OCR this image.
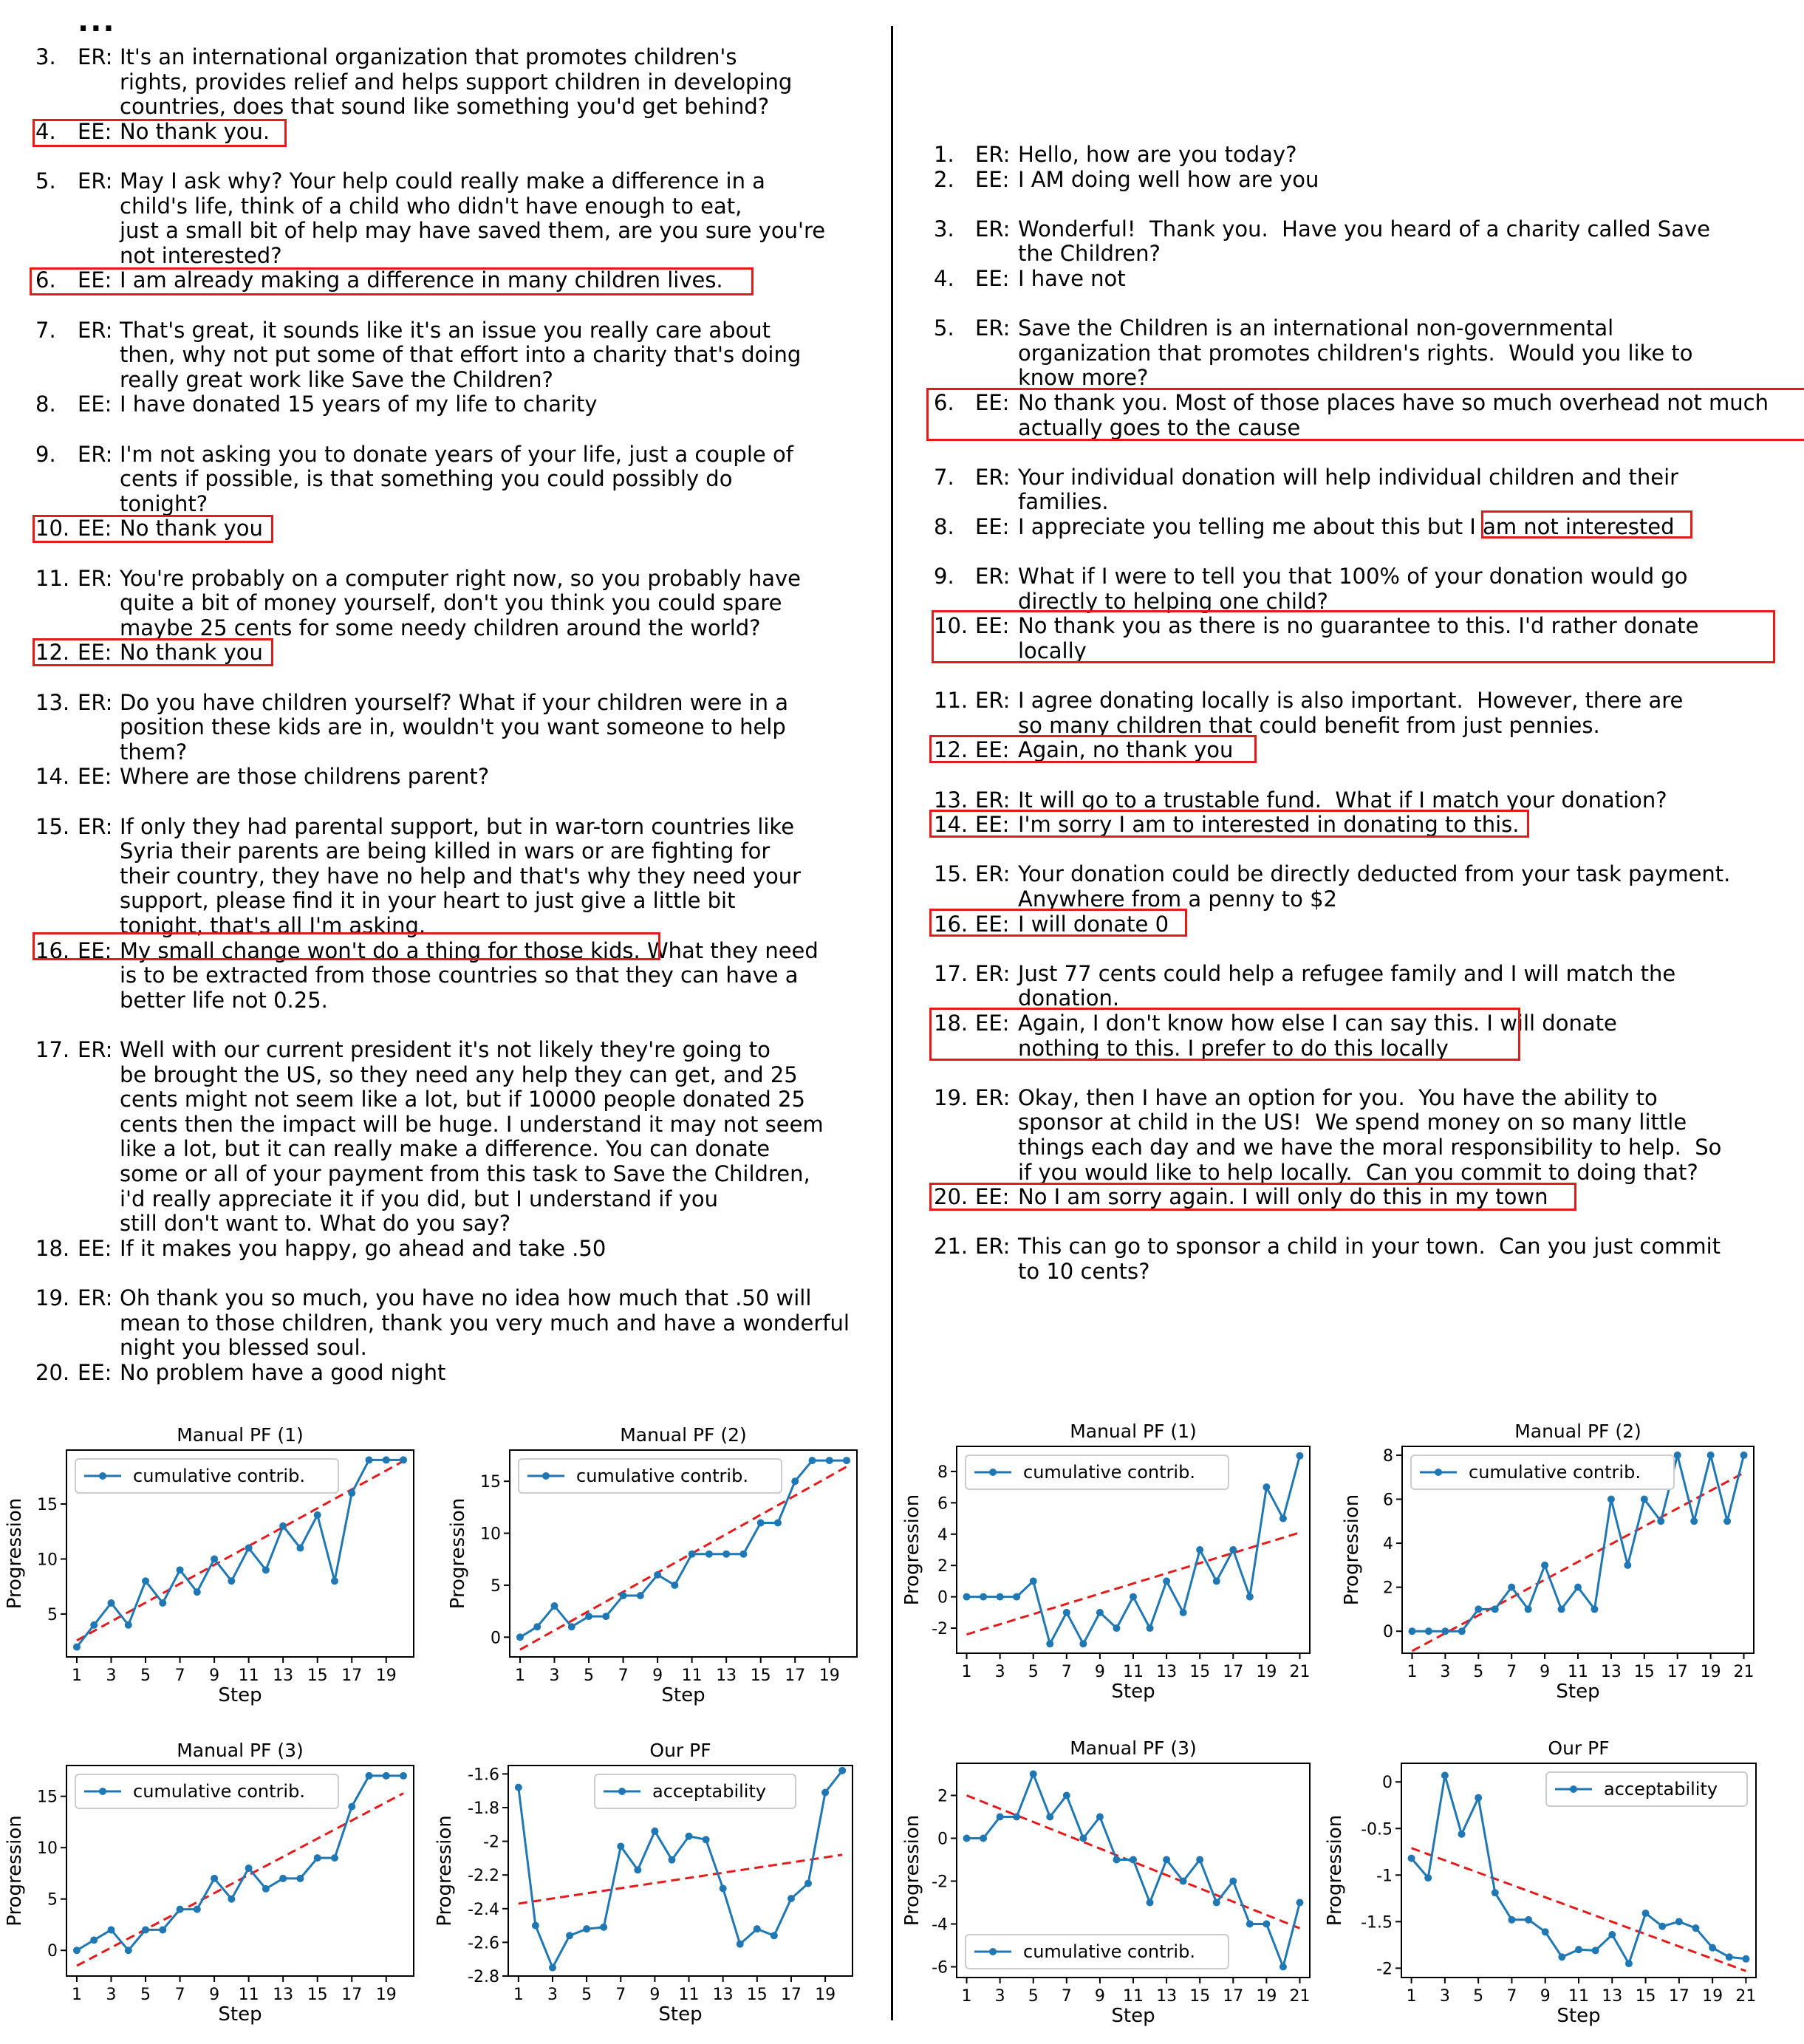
...
3. ER: It's an international organization that promotes children's
rights, provides relief and helps support children in developing
countries, does that sound like something you'd get behind?
4. EE: No thank you.
5. ER: May I ask why? Your help could really make a difference in a
child's life, think of a child who didn't have enough to eat,
just a small bit of help may have saved them, are you sure you're
not interested?
6. EE: I am already making a difference in many children lives.
7. ER: That's great, it sounds like it's an issue you really care about
then, why not put some of that effort into a charity that's doing
really great work like Save the Children?
8. EE: I have donated 15 years of my life to charity
9. ER: I'm not asking you to donate years of your life, just a couple of
cents if possible, is that something you could possibly do
tonight?
10. EE: No thank you
11. ER: You're probably on a computer right now, so you probably have
quite a bit of money yourself, don't you think you could spare
maybe 25 cents for some needy children around the world?
12. EE: No thank you
13. ER: Do you have children yourself? What if your children were in a
position these kids are in, wouldn't you want someone to help
them?
14. EE: Where are those childrens parent?
15. ER: If only they had parental support, but in war-torn countries like
Syria their parents are being killed in wars or are fighting for
their country, they have no help and that's why they need your
support, please find it in your heart to just give a little bit
tonight, that's all I'm asking.
16. EE: My small change won't do a thing for those kids. What they need
is to be extracted from those countries so that they can have a
better life not 0.25.
17. ER: Well with our current president it's not likely they're going to
be brought the US, so they need any help they can get, and 25
cents might not seem like a lot, but if 10000 people donated 25
cents then the impact will be huge. I understand it may not seem
like a lot, but it can really make a difference. You can donate
some or all of your payment from this task to Save the Children,
i'd really appreciate it if you did, but I understand if you
still don't want to. What do you say?
18. EE: If it makes you happy, go ahead and take .50
19. ER: Oh thank you so much, you have no idea how much that .50 will
mean to those children, thank you very much and have a wonderful
night you blessed soul.
20. EE: No problem have a good night
1. ER: Hello, how are you today?
2. EE: I AM doing well how are you
3. ER: Wonderful!  Thank you.  Have you heard of a charity called Save
the Children?
4. EE: I have not
5. ER: Save the Children is an international non-governmental
organization that promotes children's rights.  Would you like to
know more?
6. EE: No thank you. Most of those places have so much overhead not much
actually goes to the cause
7. ER: Your individual donation will help individual children and their
families.
8. EE: I appreciate you telling me about this but I am not interested
9. ER: What if I were to tell you that 100% of your donation would go
directly to helping one child?
10. EE: No thank you as there is no guarantee to this. I'd rather donate
locally
11. ER: I agree donating locally is also important.  However, there are
so many children that could benefit from just pennies.
12. EE: Again, no thank you
13. ER: It will go to a trustable fund.  What if I match your donation?
14. EE: I'm sorry I am to interested in donating to this.
15. ER: Your donation could be directly deducted from your task payment.
Anywhere from a penny to $2
16. EE: I will donate 0
17. ER: Just 77 cents could help a refugee family and I will match the
donation.
18. EE: Again, I don't know how else I can say this. I will donate
nothing to this. I prefer to do this locally
19. ER: Okay, then I have an option for you.  You have the ability to
sponsor at child in the US!  We spend money on so many little
things each day and we have the moral responsibility to help.  So
if you would like to help locally.  Can you commit to doing that?
20. EE: No I am sorry again. I will only do this in my town
21. ER: This can go to sponsor a child in your town.  Can you just commit
to 10 cents?
Manual PF (1)
5
10
15
1 3 5 7 9 11 13 15 17 19
Step
Progression
cumulative contrib.
Manual PF (2)
0
5
10
15
1 3 5 7 9 11 13 15 17 19
Step
Progression
cumulative contrib.
Manual PF (3)
0
5
10
15
1 3 5 7 9 11 13 15 17 19
Step
Progression
cumulative contrib.
Our PF
-2.8
-2.6
-2.4
-2.2
-2
-1.8
-1.6
1 3 5 7 9 11 13 15 17 19
Step
Progression
acceptability
Manual PF (1)
-2
0
2
4
6
8
1 3 5 7 9 11 13 15 17 19 21
Step
Progression
cumulative contrib.
Manual PF (2)
0
2
4
6
8
1 3 5 7 9 11 13 15 17 19 21
Step
Progression
cumulative contrib.
Manual PF (3)
-6
-4
-2
0
2
1 3 5 7 9 11 13 15 17 19 21
Step
Progression
cumulative contrib.
Our PF
-2
-1.5
-1
-0.5
0
1 3 5 7 9 11 13 15 17 19 21
Step
Progression
acceptability
